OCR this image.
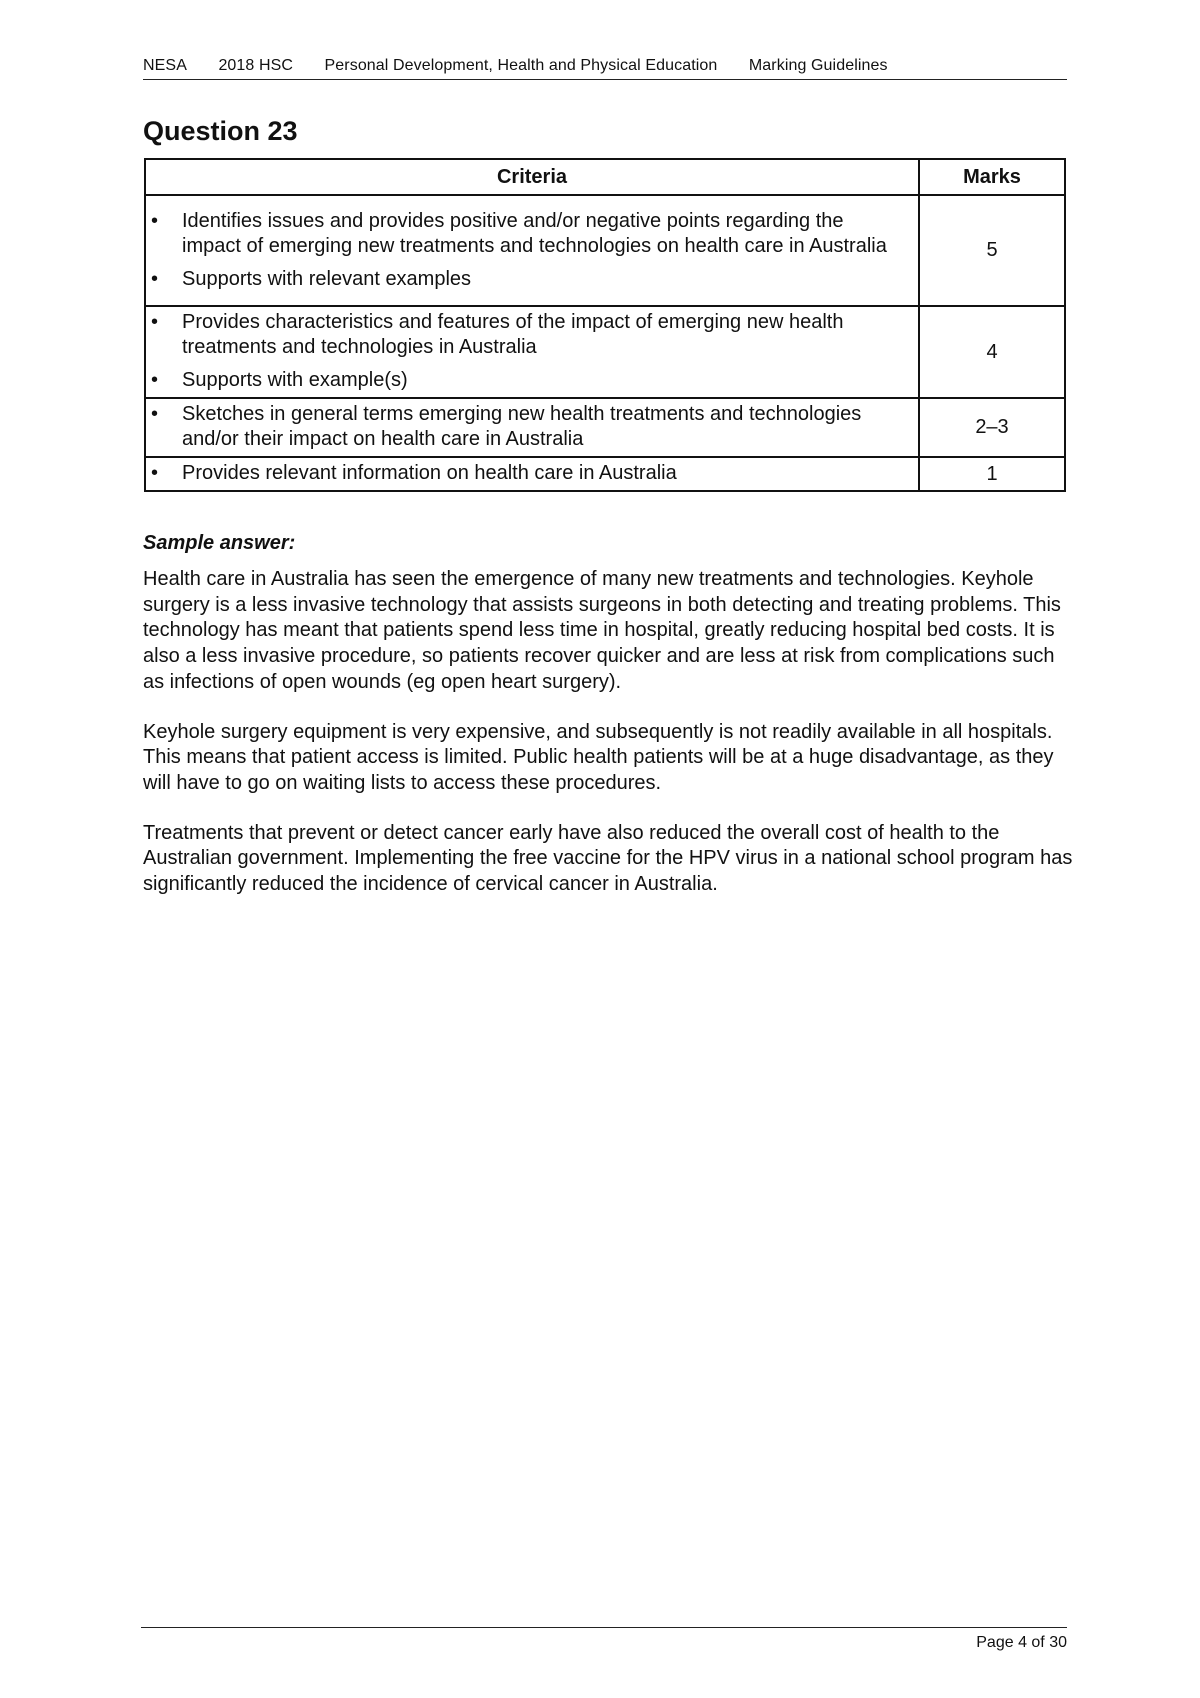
NESA 2018 HSC Personal Development, Health and Physical Education Marking Guidelines
Question 23
Criteria	Marks

• Identifies issues and provides positive and/or negative points regarding the impact of emerging new treatments and technologies on health care in Australia

• Supports with relevant examples	5

• Provides characteristics and features of the impact of emerging new health treatments and technologies in Australia

• Supports with example(s)	4

• Sketches in general terms emerging new health treatments and technologies and/or their impact on health care in Australia	2–3

• Provides relevant information on health care in Australia	1

Sample answer:

Health care in Australia has seen the emergence of many new treatments and technologies. Keyhole surgery is a less invasive technology that assists surgeons in both detecting and treating problems. This technology has meant that patients spend less time in hospital, greatly reducing hospital bed costs. It is also a less invasive procedure, so patients recover quicker and are less at risk from complications such as infections of open wounds (eg open heart surgery).

Keyhole surgery equipment is very expensive, and subsequently is not readily available in all hospitals. This means that patient access is limited. Public health patients will be at a huge disadvantage, as they will have to go on waiting lists to access these procedures.

Treatments that prevent or detect cancer early have also reduced the overall cost of health to the Australian government. Implementing the free vaccine for the HPV virus in a national school program has significantly reduced the incidence of cervical cancer in Australia.

Page 4 of 30
